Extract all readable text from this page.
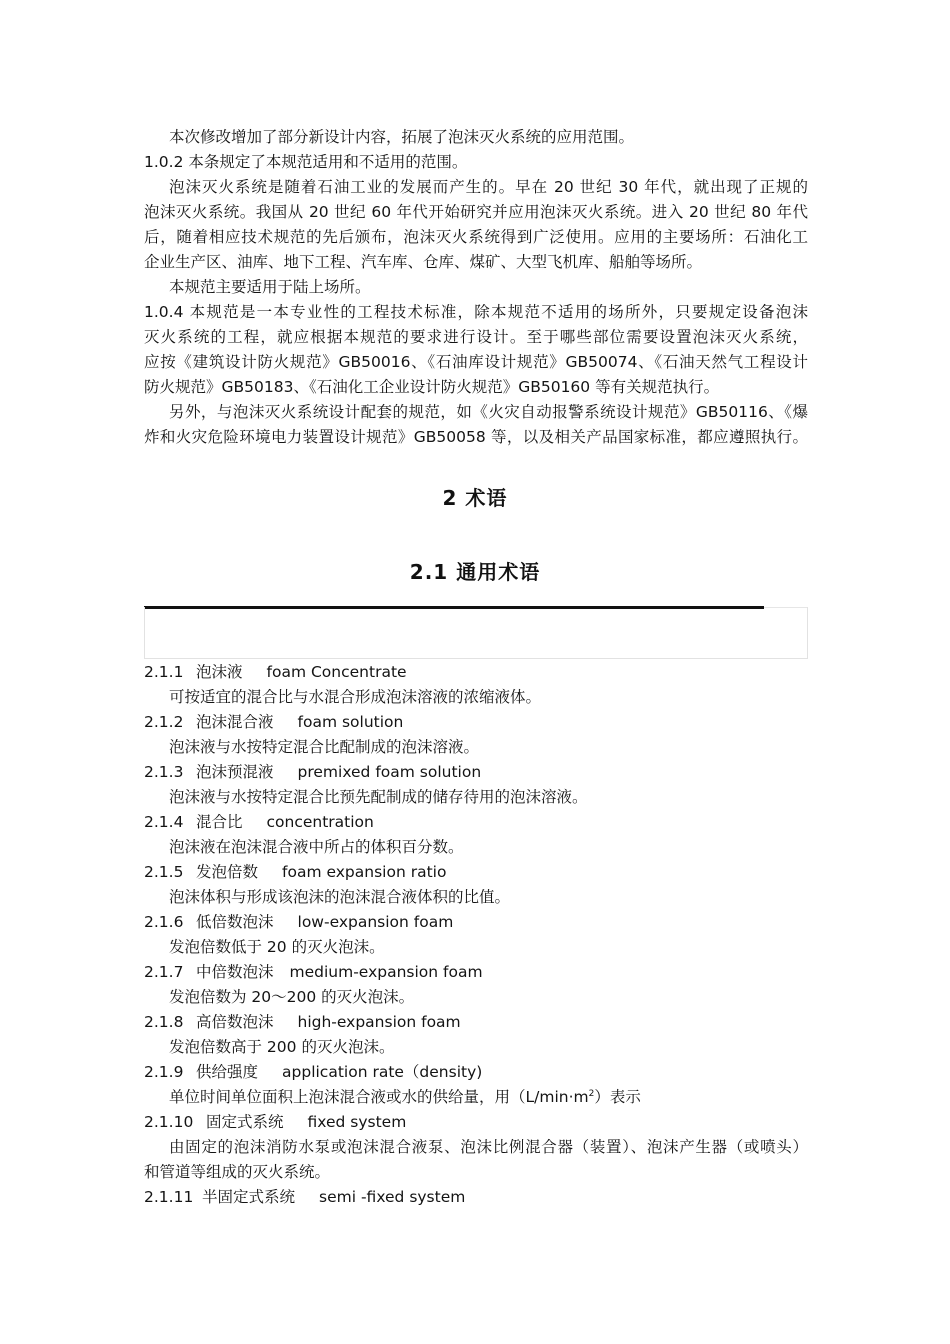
本次修改增加了部分新设计内容，拓展了泡沫灭火系统的应用范围。
1.0.2 本条规定了本规范适用和不适用的范围。
泡沫灭火系统是随着石油工业的发展而产生的。早在 20 世纪 30 年代，就出现了正规的
泡沫灭火系统。我国从 20 世纪 60 年代开始研究并应用泡沫灭火系统。进入 20 世纪 80 年代
后，随着相应技术规范的先后颁布，泡沫灭火系统得到广泛使用。应用的主要场所：石油化工
企业生产区、油库、地下工程、汽车库、仓库、煤矿、大型飞机库、船舶等场所。
本规范主要适用于陆上场所。
1.0.4 本规范是一本专业性的工程技术标准，除本规范不适用的场所外，只要规定设备泡沫
灭火系统的工程，就应根据本规范的要求进行设计。至于哪些部位需要设置泡沫灭火系统，
应按《建筑设计防火规范》GB50016、《石油库设计规范》GB50074、《石油天然气工程设计
防火规范》GB50183、《石油化工企业设计防火规范》GB50160 等有关规范执行。
另外，与泡沫灭火系统设计配套的规范，如《火灾自动报警系统设计规范》GB50116、《爆
炸和火灾危险环境电力装置设计规范》GB50058 等，以及相关产品国家标准，都应遵照执行。
2 术语
2.1 通用术语
2.1.1 泡沫液 foam Concentrate
可按适宜的混合比与水混合形成泡沫溶液的浓缩液体。
2.1.2 泡沫混合液 foam solution
泡沫液与水按特定混合比配制成的泡沫溶液。
2.1.3 泡沫预混液 premixed foam solution
泡沫液与水按特定混合比预先配制成的储存待用的泡沫溶液。
2.1.4 混合比 concentration
泡沫液在泡沫混合液中所占的体积百分数。
2.1.5 发泡倍数 foam expansion ratio
泡沫体积与形成该泡沫的泡沫混合液体积的比值。
2.1.6 低倍数泡沫 low-expansion foam
发泡倍数低于 20 的灭火泡沫。
2.1.7 中倍数泡沫 medium-expansion foam
发泡倍数为 20～200 的灭火泡沫。
2.1.8 高倍数泡沫 high-expansion foam
发泡倍数高于 200 的灭火泡沫。
2.1.9 供给强度 application rate（density)
单位时间单位面积上泡沫混合液或水的供给量，用$(L/\min\cdot m^2)$表示
2.1.10 固定式系统 fixed system
由固定的泡沫消防水泵或泡沫混合液泵、泡沫比例混合器（装置）、泡沫产生器（或喷头）
和管道等组成的灭火系统。
2.1.11 半固定式系统 semi -fixed system
